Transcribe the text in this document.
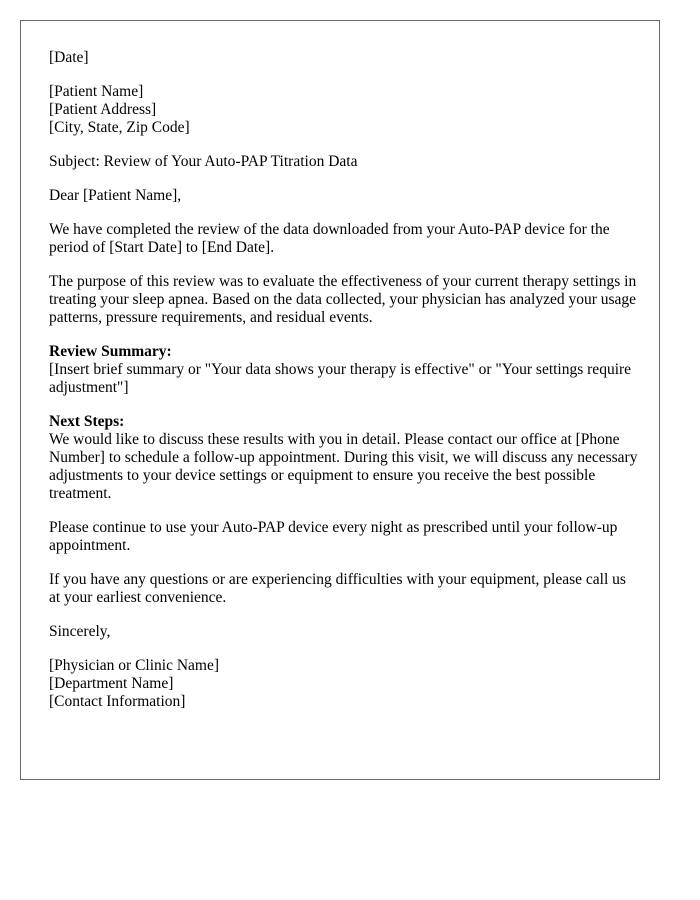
[Date]

[Patient Name]
[Patient Address]
[City, State, Zip Code]

Subject: Review of Your Auto-PAP Titration Data

Dear [Patient Name],

We have completed the review of the data downloaded from your Auto-PAP device for the period of [Start Date] to [End Date].

The purpose of this review was to evaluate the effectiveness of your current therapy settings in treating your sleep apnea. Based on the data collected, your physician has analyzed your usage patterns, pressure requirements, and residual events.

Review Summary:
[Insert brief summary or "Your data shows your therapy is effective" or "Your settings require adjustment"]
Next Steps:
We would like to discuss these results with you in detail. Please contact our office at [Phone Number] to schedule a follow-up appointment. During this visit, we will discuss any necessary adjustments to your device settings or equipment to ensure you receive the best possible treatment.

Please continue to use your Auto-PAP device every night as prescribed until your follow-up appointment.

If you have any questions or are experiencing difficulties with your equipment, please call us at your earliest convenience.

Sincerely,

[Physician or Clinic Name]
[Department Name]
[Contact Information]
